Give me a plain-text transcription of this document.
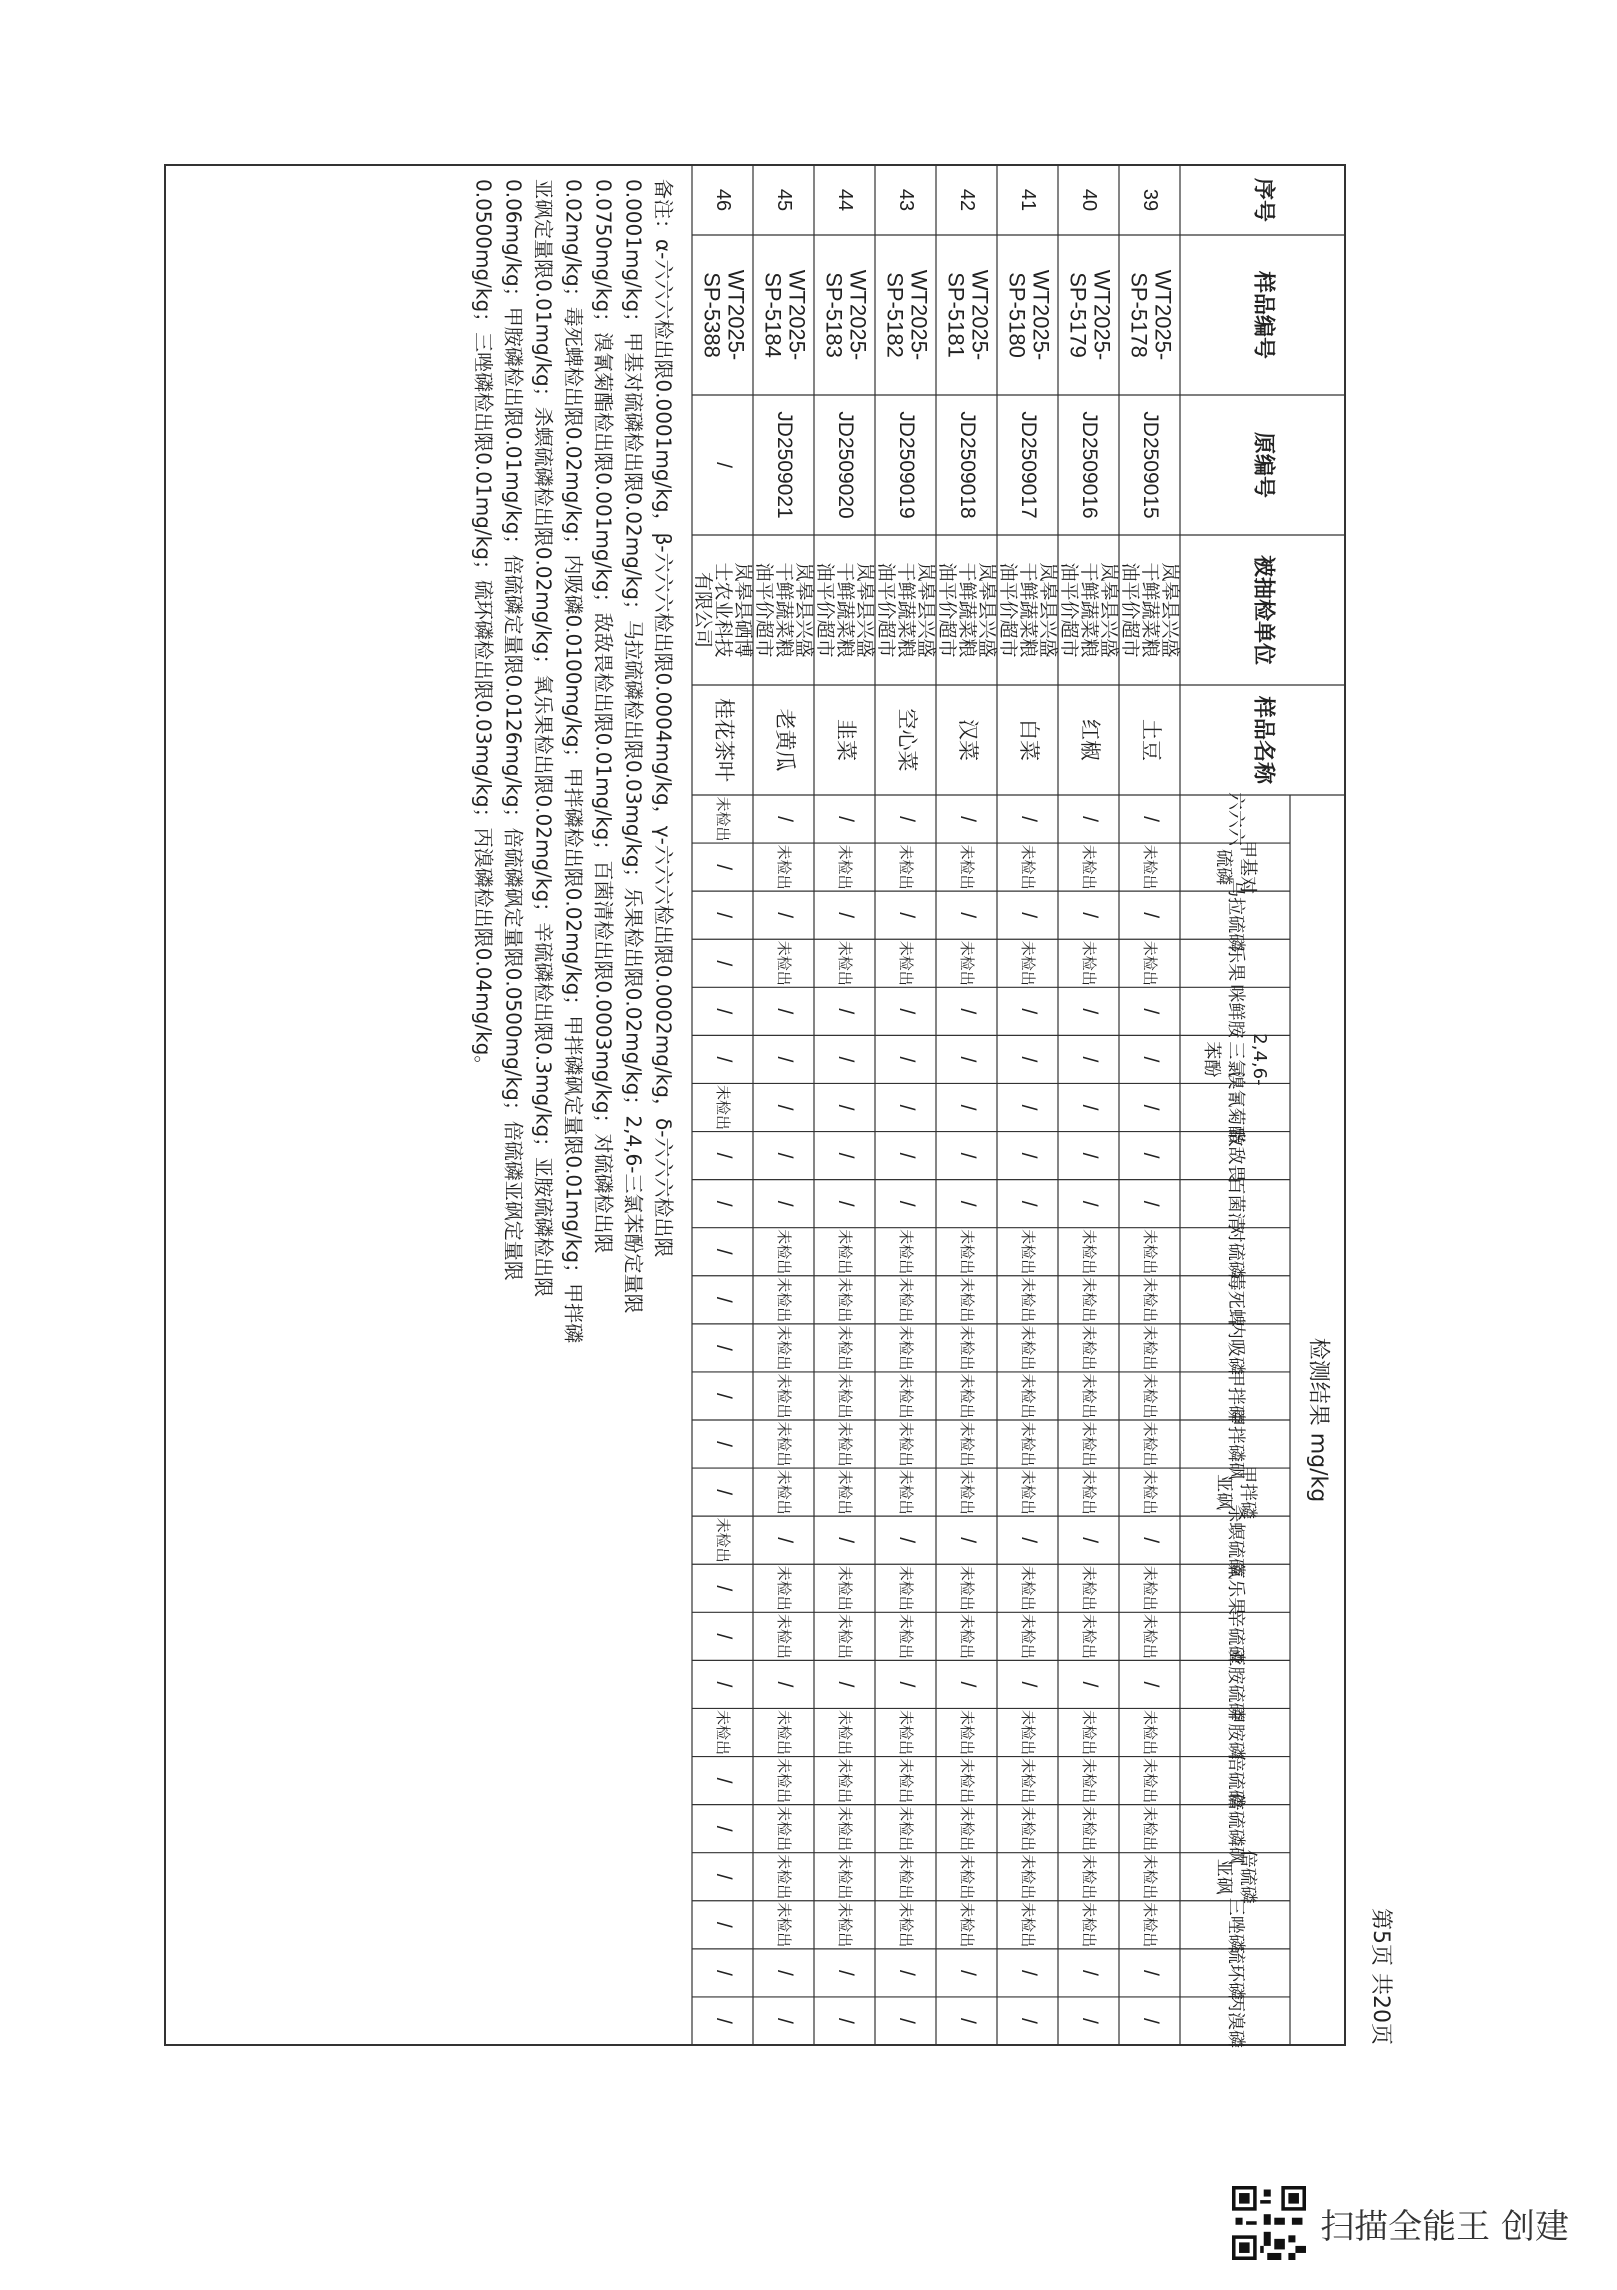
第5页 共20页
检测结果 mg/kg
序号
样品编号
原编号
被抽检单位
样品名称
六六六
甲基对硫磷
马拉硫磷
乐果
咪鲜胺
2,4,6-三氯苯酚
溴氰菊酯
敌敌畏
百菌清
对硫磷
毒死蜱
内吸磷
甲拌磷
甲拌磷砜
甲拌磷亚砜
杀螟硫磷
氧乐果
辛硫磷
亚胺硫磷
甲胺磷
倍硫磷
倍硫磷砜
倍硫磷亚砜
三唑磷
硫环磷
丙溴磷
39
WT2025-SP-5178
JD2509015
岚皋县兴盛干鲜蔬菜粮油平价超市
土豆
/
未检出
/
未检出
/
/
/
/
/
未检出
未检出
未检出
未检出
未检出
未检出
/
未检出
未检出
/
未检出
未检出
未检出
未检出
未检出
/
/
40
WT2025-SP-5179
JD2509016
岚皋县兴盛干鲜蔬菜粮油平价超市
红椒
/
未检出
/
未检出
/
/
/
/
/
未检出
未检出
未检出
未检出
未检出
未检出
/
未检出
未检出
/
未检出
未检出
未检出
未检出
未检出
/
/
41
WT2025-SP-5180
JD2509017
岚皋县兴盛干鲜蔬菜粮油平价超市
白菜
/
未检出
/
未检出
/
/
/
/
/
未检出
未检出
未检出
未检出
未检出
未检出
/
未检出
未检出
/
未检出
未检出
未检出
未检出
未检出
/
/
42
WT2025-SP-5181
JD2509018
岚皋县兴盛干鲜蔬菜粮油平价超市
汉菜
/
未检出
/
未检出
/
/
/
/
/
未检出
未检出
未检出
未检出
未检出
未检出
/
未检出
未检出
/
未检出
未检出
未检出
未检出
未检出
/
/
43
WT2025-SP-5182
JD2509019
岚皋县兴盛干鲜蔬菜粮油平价超市
空心菜
/
未检出
/
未检出
/
/
/
/
/
未检出
未检出
未检出
未检出
未检出
未检出
/
未检出
未检出
/
未检出
未检出
未检出
未检出
未检出
/
/
44
WT2025-SP-5183
JD2509020
岚皋县兴盛干鲜蔬菜粮油平价超市
韭菜
/
未检出
/
未检出
/
/
/
/
/
未检出
未检出
未检出
未检出
未检出
未检出
/
未检出
未检出
/
未检出
未检出
未检出
未检出
未检出
/
/
45
WT2025-SP-5184
JD2509021
岚皋县兴盛干鲜蔬菜粮油平价超市
老黄瓜
/
未检出
/
未检出
/
/
/
/
/
未检出
未检出
未检出
未检出
未检出
未检出
/
未检出
未检出
/
未检出
未检出
未检出
未检出
未检出
/
/
46
WT2025-SP-5388
/
岚皋县硒博士农业科技有限公司
桂花茶叶
未检出
/
/
/
/
/
未检出
/
/
/
/
/
/
/
/
未检出
/
/
/
未检出
/
/
/
/
/
/
备注：α-六六六检出限0.0001mg/kg，β-六六六检出限0.0004mg/kg，γ-六六六检出限0.0002mg/kg，δ-六六六检出限
0.0001mg/kg；甲基对硫磷检出限0.02mg/kg；马拉硫磷检出限0.03mg/kg；乐果检出限0.02mg/kg；2,4,6-三氯苯酚定量限
0.0750mg/kg；溴氰菊酯检出限0.001mg/kg；敌敌畏检出限0.01mg/kg；百菌清检出限0.0003mg/kg；对硫磷检出限
0.02mg/kg；毒死蜱检出限0.02mg/kg；内吸磷0.0100mg/kg；甲拌磷检出限0.02mg/kg；甲拌磷砜定量限0.01mg/kg；甲拌磷
亚砜定量限0.01mg/kg；杀螟硫磷检出限0.02mg/kg；氧乐果检出限0.02mg/kg；辛硫磷检出限0.3mg/kg；亚胺硫磷检出限
0.06mg/kg；甲胺磷检出限0.01mg/kg；倍硫磷定量限0.0126mg/kg；倍硫磷砜定量限0.0500mg/kg；倍硫磷亚砜定量限
0.0500mg/kg；三唑磷检出限0.01mg/kg；硫环磷检出限0.03mg/kg；丙溴磷检出限0.04mg/kg。
扫描全能王 创建
